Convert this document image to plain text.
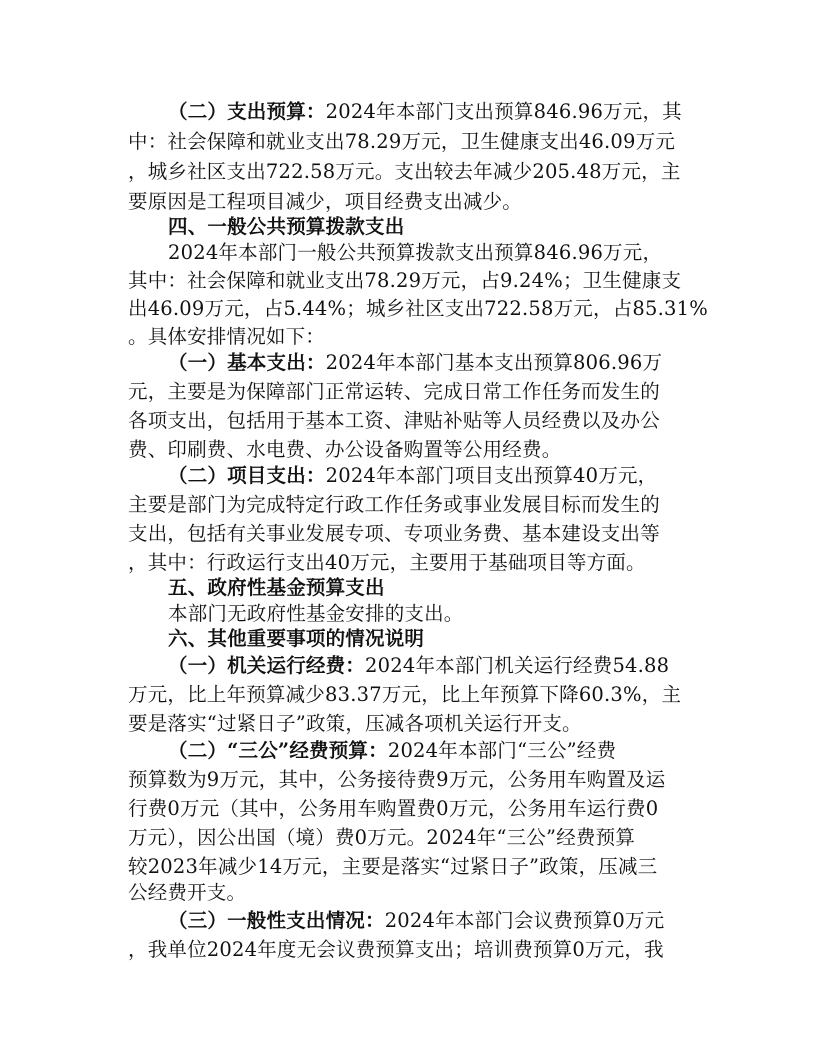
（二）支出预算：2024年本部门支出预算846.96万元，其
中：社会保障和就业支出78.29万元，卫生健康支出46.09万元
，城乡社区支出722.58万元。支出较去年减少205.48万元，主
要原因是工程项目减少，项目经费支出减少。
四、一般公共预算拨款支出
2024年本部门一般公共预算拨款支出预算846.96万元，
其中：社会保障和就业支出78.29万元，占9.24%；卫生健康支
出46.09万元，占5.44%；城乡社区支出722.58万元，占85.31%
。具体安排情况如下：
（一）基本支出：2024年本部门基本支出预算806.96万
元，主要是为保障部门正常运转、完成日常工作任务而发生的
各项支出，包括用于基本工资、津贴补贴等人员经费以及办公
费、印刷费、水电费、办公设备购置等公用经费。
（二）项目支出：2024年本部门项目支出预算40万元，
主要是部门为完成特定行政工作任务或事业发展目标而发生的
支出，包括有关事业发展专项、专项业务费、基本建设支出等
，其中：行政运行支出40万元，主要用于基础项目等方面。
五、政府性基金预算支出
本部门无政府性基金安排的支出。
六、其他重要事项的情况说明
（一）机关运行经费：2024年本部门机关运行经费54.88
万元，比上年预算减少83.37万元，比上年预算下降60.3%，主
要是落实“过紧日子”政策，压减各项机关运行开支。
（二）“三公”经费预算：2024年本部门“三公”经费
预算数为9万元，其中，公务接待费9万元，公务用车购置及运
行费0万元（其中，公务用车购置费0万元，公务用车运行费0
万元），因公出国（境）费0万元。2024年“三公”经费预算
较2023年减少14万元，主要是落实“过紧日子”政策，压减三
公经费开支。
（三）一般性支出情况：2024年本部门会议费预算0万元
，我单位2024年度无会议费预算支出；培训费预算0万元，我
